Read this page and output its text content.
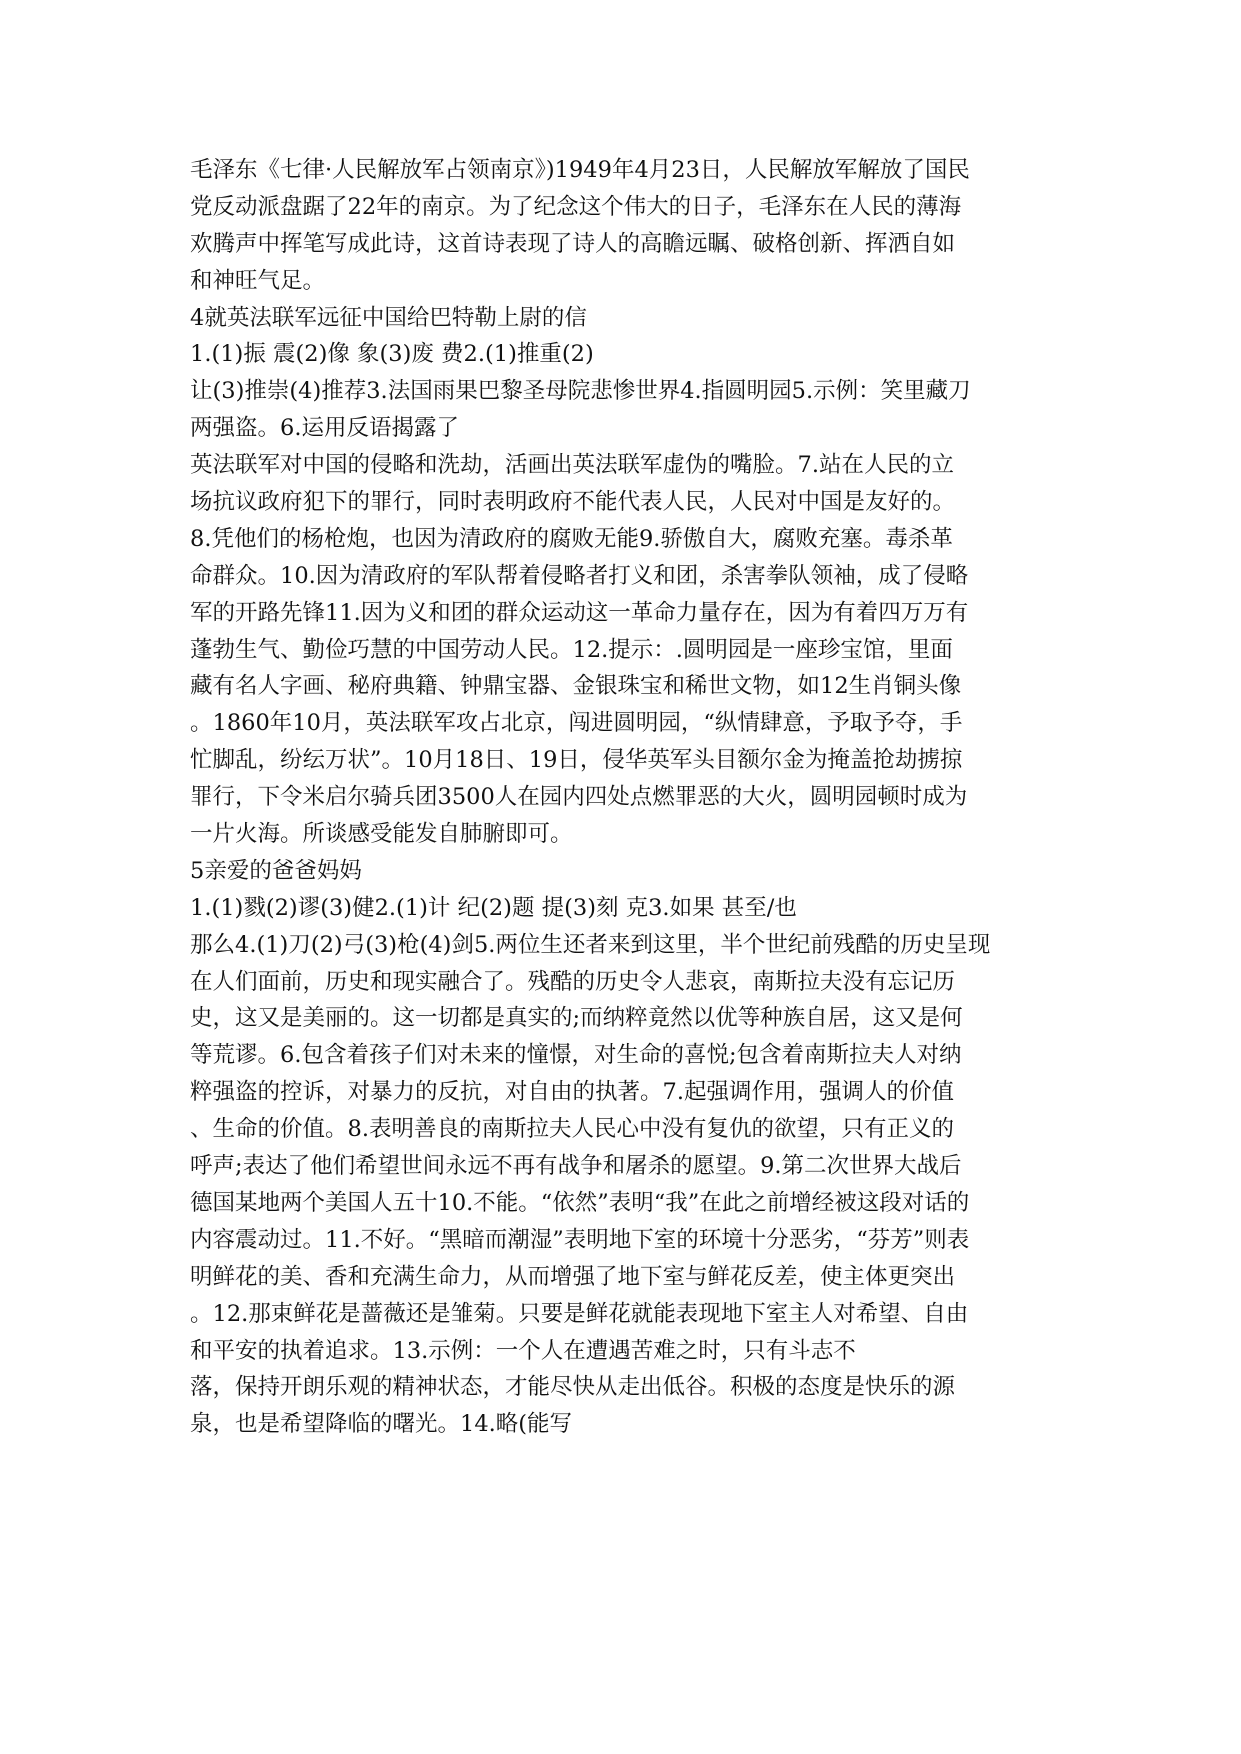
毛泽东《七律·人民解放军占领南京》)1949年4月23日，人民解放军解放了国民
党反动派盘踞了22年的南京。为了纪念这个伟大的日子，毛泽东在人民的薄海
欢腾声中挥笔写成此诗，这首诗表现了诗人的高瞻远瞩、破格创新、挥洒自如
和神旺气足。
4就英法联军远征中国给巴特勒上尉的信
1.(1)振 震(2)像 象(3)废 费2.(1)推重(2)
让(3)推崇(4)推荐3.法国雨果巴黎圣母院悲惨世界4.指圆明园5.示例：笑里藏刀
两强盗。6.运用反语揭露了
英法联军对中国的侵略和洗劫，活画出英法联军虚伪的嘴脸。7.站在人民的立
场抗议政府犯下的罪行，同时表明政府不能代表人民，人民对中国是友好的。
8.凭他们的杨枪炮，也因为清政府的腐败无能9.骄傲自大，腐败充塞。毒杀革
命群众。10.因为清政府的军队帮着侵略者打义和团，杀害拳队领袖，成了侵略
军的开路先锋11.因为义和团的群众运动这一革命力量存在，因为有着四万万有
蓬勃生气、勤俭巧慧的中国劳动人民。12.提示：.圆明园是一座珍宝馆，里面
藏有名人字画、秘府典籍、钟鼎宝器、金银珠宝和稀世文物，如12生肖铜头像
。1860年10月，英法联军攻占北京，闯进圆明园，“纵情肆意，予取予夺，手
忙脚乱，纷纭万状”。10月18日、19日，侵华英军头目额尔金为掩盖抢劫掳掠
罪行，下令米启尔骑兵团3500人在园内四处点燃罪恶的大火，圆明园顿时成为
一片火海。所谈感受能发自肺腑即可。
5亲爱的爸爸妈妈
1.(1)戮(2)谬(3)健2.(1)计 纪(2)题 提(3)刻 克3.如果 甚至/也
那么4.(1)刀(2)弓(3)枪(4)剑5.两位生还者来到这里，半个世纪前残酷的历史呈现
在人们面前，历史和现实融合了。残酷的历史令人悲哀，南斯拉夫没有忘记历
史，这又是美丽的。这一切都是真实的;而纳粹竟然以优等种族自居，这又是何
等荒谬。6.包含着孩子们对未来的憧憬，对生命的喜悦;包含着南斯拉夫人对纳
粹强盗的控诉，对暴力的反抗，对自由的执著。7.起强调作用，强调人的价值
、生命的价值。8.表明善良的南斯拉夫人民心中没有复仇的欲望，只有正义的
呼声;表达了他们希望世间永远不再有战争和屠杀的愿望。9.第二次世界大战后
德国某地两个美国人五十10.不能。“依然”表明“我”在此之前增经被这段对话的
内容震动过。11.不好。“黑暗而潮湿”表明地下室的环境十分恶劣，“芬芳”则表
明鲜花的美、香和充满生命力，从而增强了地下室与鲜花反差，使主体更突出
。12.那束鲜花是蔷薇还是雏菊。只要是鲜花就能表现地下室主人对希望、自由
和平安的执着追求。13.示例：一个人在遭遇苦难之时，只有斗志不
落，保持开朗乐观的精神状态，才能尽快从走出低谷。积极的态度是快乐的源
泉，也是希望降临的曙光。14.略(能写
